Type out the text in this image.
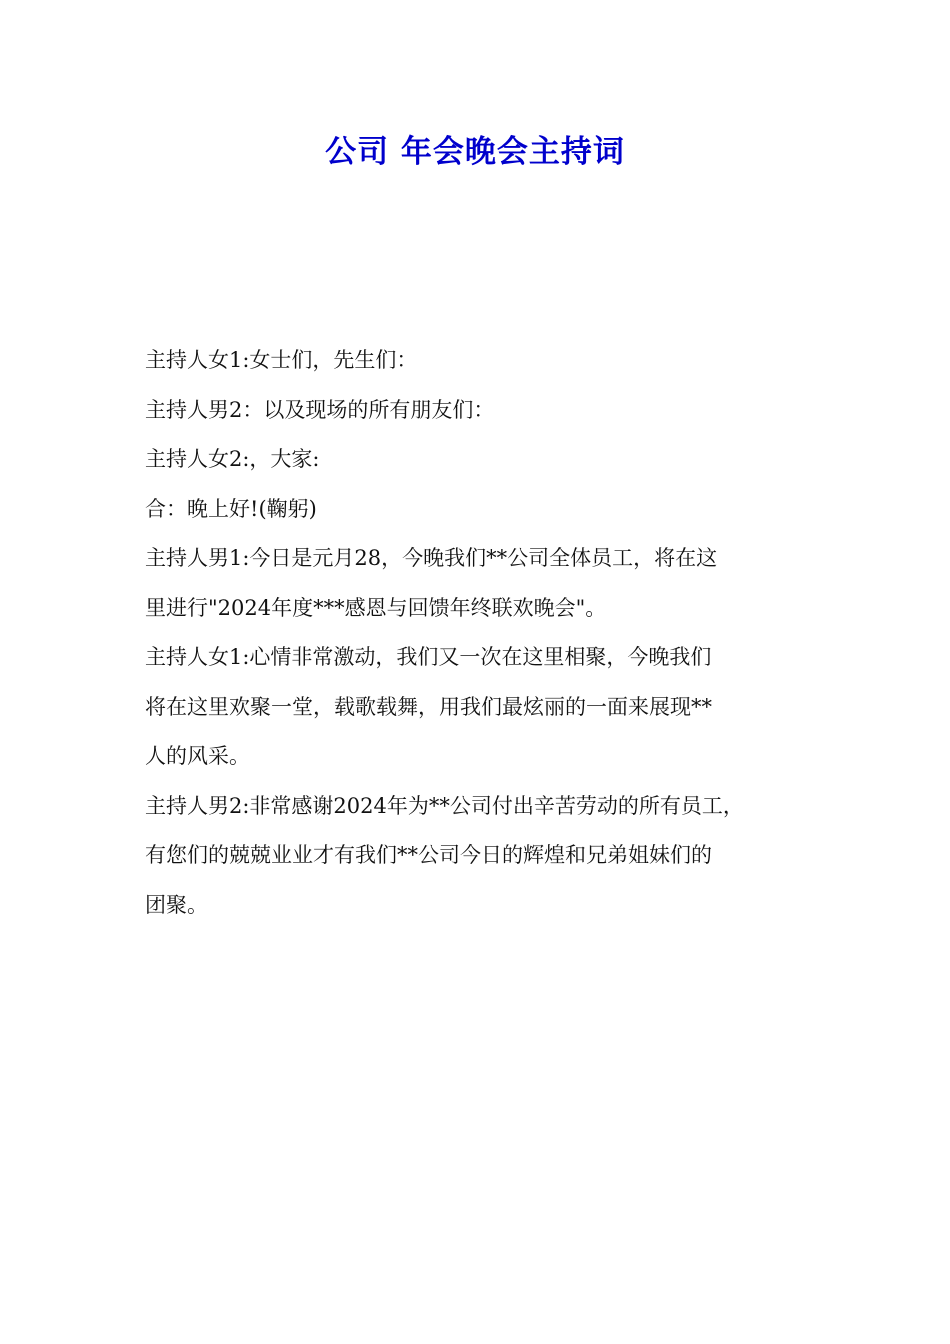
公司 年会晚会主持词

主持人女1:女士们，先生们：

主持人男2：以及现场的所有朋友们：

主持人女2:，大家:

合：晚上好!(鞠躬)

主持人男1:今日是元月28，今晚我们**公司全体员工，将在这
里进行"2024年度***感恩与回馈年终联欢晚会"。

主持人女1:心情非常激动，我们又一次在这里相聚，今晚我们
将在这里欢聚一堂，载歌载舞，用我们最炫丽的一面来展现**
人的风采。

主持人男2:非常感谢2024年为**公司付出辛苦劳动的所有员工，
有您们的兢兢业业才有我们**公司今日的辉煌和兄弟姐妹们的
团聚。
